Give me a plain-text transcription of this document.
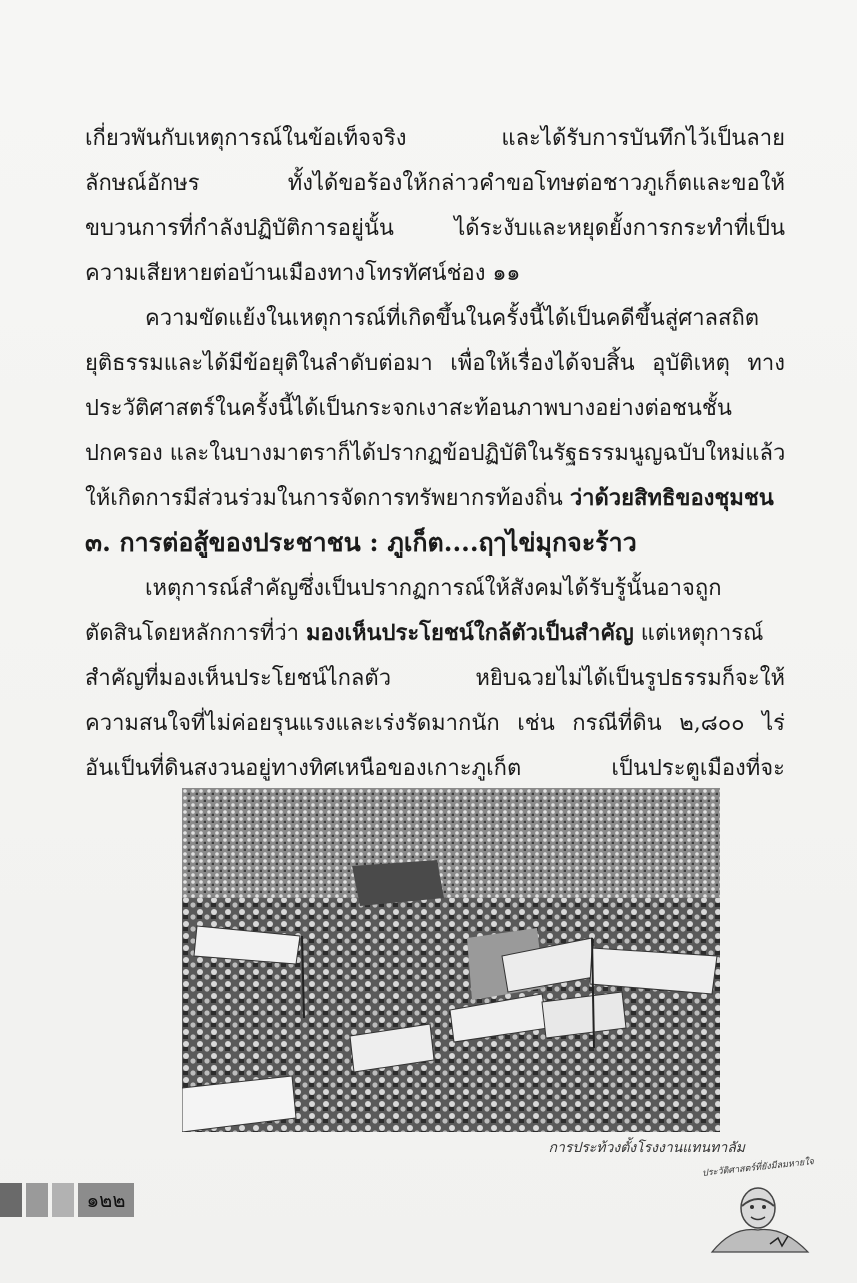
เกี่ยวพันกับเหตุการณ์ในข้อเท็จจริง และได้รับการบันทึกไว้เป็นลาย
ลักษณ์อักษร ทั้งได้ขอร้องให้กล่าวคำขอโทษต่อชาวภูเก็ตและขอให้
ขบวนการที่กำลังปฏิบัติการอยู่นั้น ได้ระงับและหยุดยั้งการกระทำที่เป็น
ความเสียหายต่อบ้านเมืองทางโทรทัศน์ช่อง ๑๑
ความขัดแย้งในเหตุการณ์ที่เกิดขึ้นในครั้งนี้ได้เป็นคดีขึ้นสู่ศาลสถิต
ยุติธรรมและได้มีข้อยุติในลำดับต่อมา เพื่อให้เรื่องได้จบสิ้น อุบัติเหตุ ทาง
ประวัติศาสตร์ในครั้งนี้ได้เป็นกระจกเงาสะท้อนภาพบางอย่างต่อชนชั้น
ปกครอง และในบางมาตราก็ได้ปรากฏข้อปฏิบัติในรัฐธรรมนูญฉบับใหม่แล้ว
ให้เกิดการมีส่วนร่วมในการจัดการทรัพยากรท้องถิ่น ว่าด้วยสิทธิของชุมชน
๓. การต่อสู้ของประชาชน : ภูเก็ต....ฤๅไข่มุกจะร้าว
เหตุการณ์สำคัญซึ่งเป็นปรากฏการณ์ให้สังคมได้รับรู้นั้นอาจถูก
ตัดสินโดยหลักการที่ว่า มองเห็นประโยชน์ใกล้ตัวเป็นสำคัญ แต่เหตุการณ์
สำคัญที่มองเห็นประโยชน์ไกลตัว หยิบฉวยไม่ได้เป็นรูปธรรมก็จะให้
ความสนใจที่ไม่ค่อยรุนแรงและเร่งรัดมากนัก เช่น กรณีที่ดิน ๒,๘๐๐ ไร่
อันเป็นที่ดินสงวนอยู่ทางทิศเหนือของเกาะภูเก็ต เป็นประตูเมืองที่จะ
การประท้วงตั้งโรงงานแทนทาลัม
๑๒๒
ประวัติศาสตร์ที่ยังมีลมหายใจ
